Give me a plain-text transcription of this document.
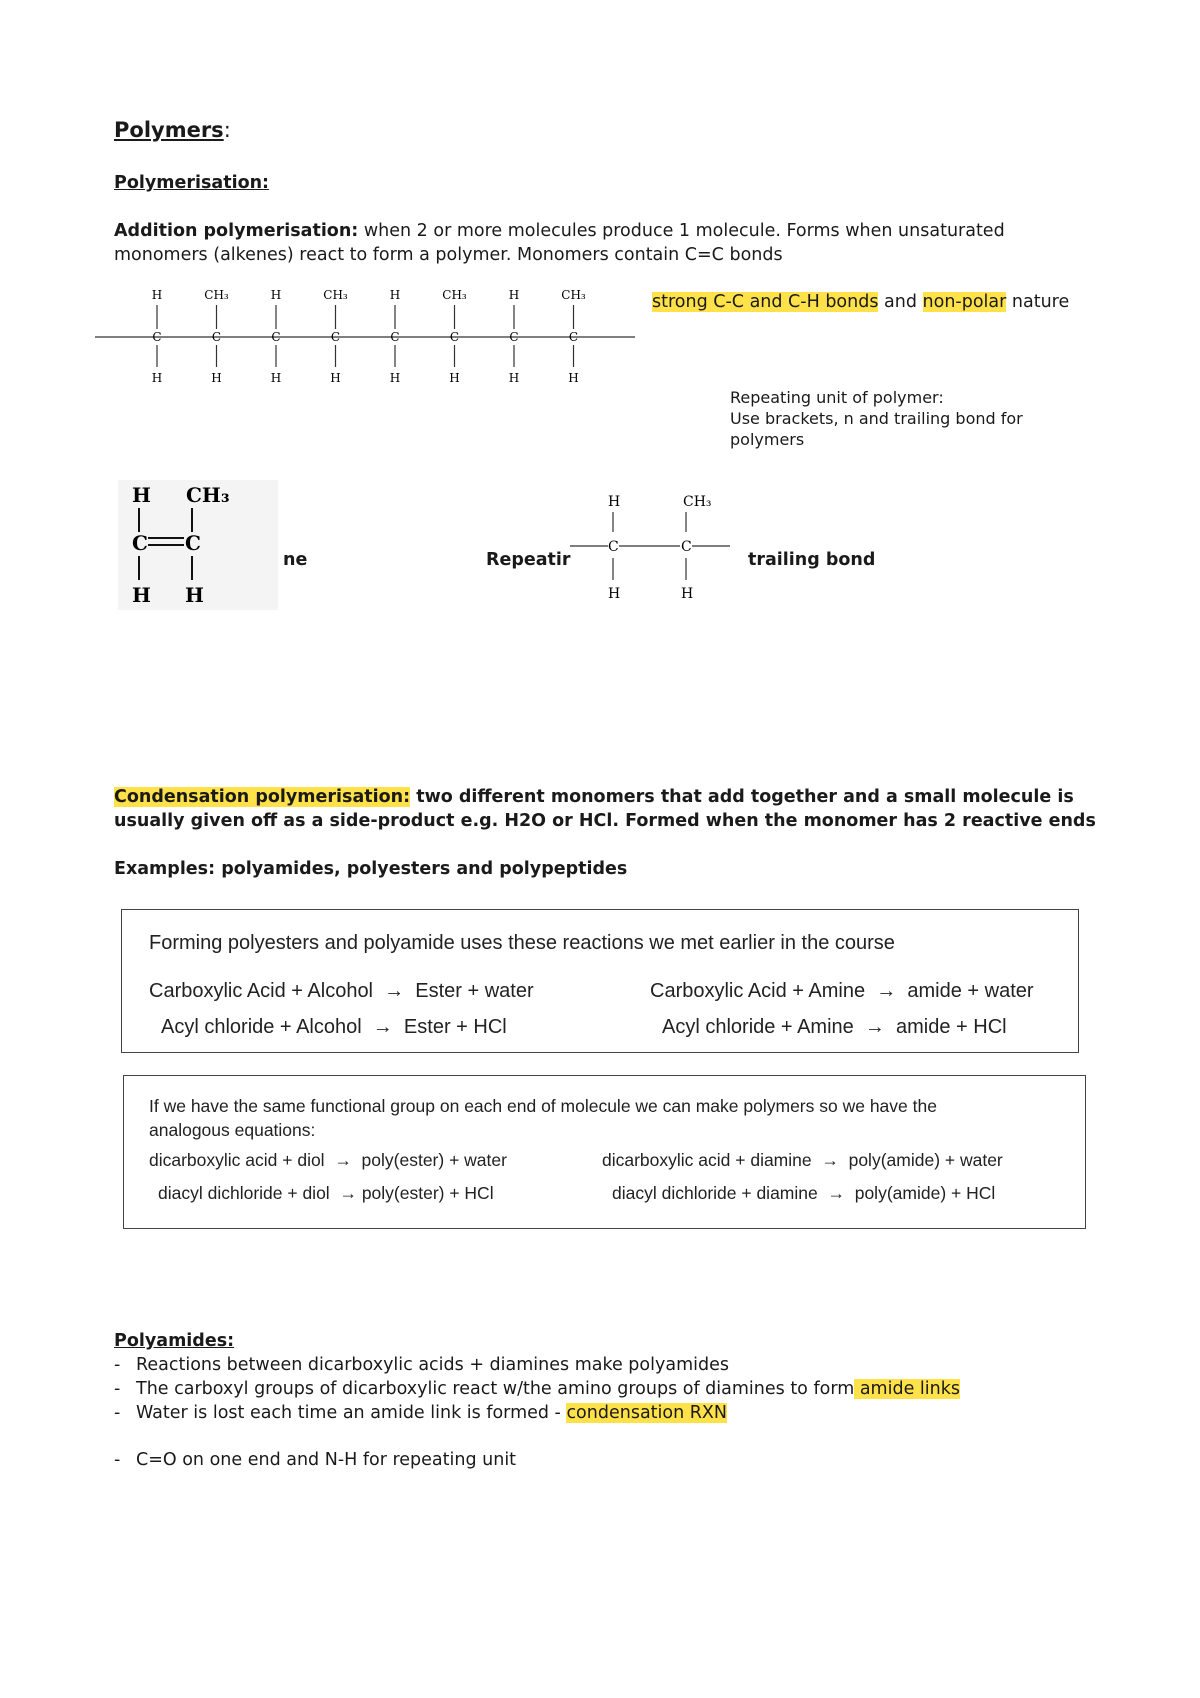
Polymers:
Polymerisation:
Addition polymerisation: when 2 or more molecules produce 1 molecule. Forms when unsaturated
monomers (alkenes) react to form a polymer. Monomers contain C=C bonds
H
C
H
CH₃
C
H
H
C
H
CH₃
C
H
H
C
H
CH₃
C
H
H
C
H
CH₃
C
H
strong C-C and C-H bonds and non-polar nature
Repeating unit of polymer:
Use brackets, n and trailing bond for
polymers
H CH₃
C C
H H
ne	Repeatir
H	CH₃
C	C
H	H
trailing bond
Condensation polymerisation: two different monomers that add together and a small molecule is
usually given off as a side-product e.g. H2O or HCl. Formed when the monomer has 2 reactive ends
Examples: polyamides, polyesters and polypeptides
Forming polyesters and polyamide uses these reactions we met earlier in the course
Carboxylic Acid + Alcohol → Ester + water
Acyl chloride + Alcohol → Ester + HCl
Carboxylic Acid + Amine → amide + water
Acyl chloride + Amine → amide + HCl
If we have the same functional group on each end of molecule we can make polymers so we have the
analogous equations:
dicarboxylic acid + diol → poly(ester) + water
diacyl dichloride + diol → poly(ester) + HCl
dicarboxylic acid + diamine → poly(amide) + water
diacyl dichloride + diamine → poly(amide) + HCl
Polyamides:
- Reactions between dicarboxylic acids + diamines make polyamides
- The carboxyl groups of dicarboxylic react w/the amino groups of diamines to form amide links
- Water is lost each time an amide link is formed - condensation RXN
- C=O on one end and N-H for repeating unit
